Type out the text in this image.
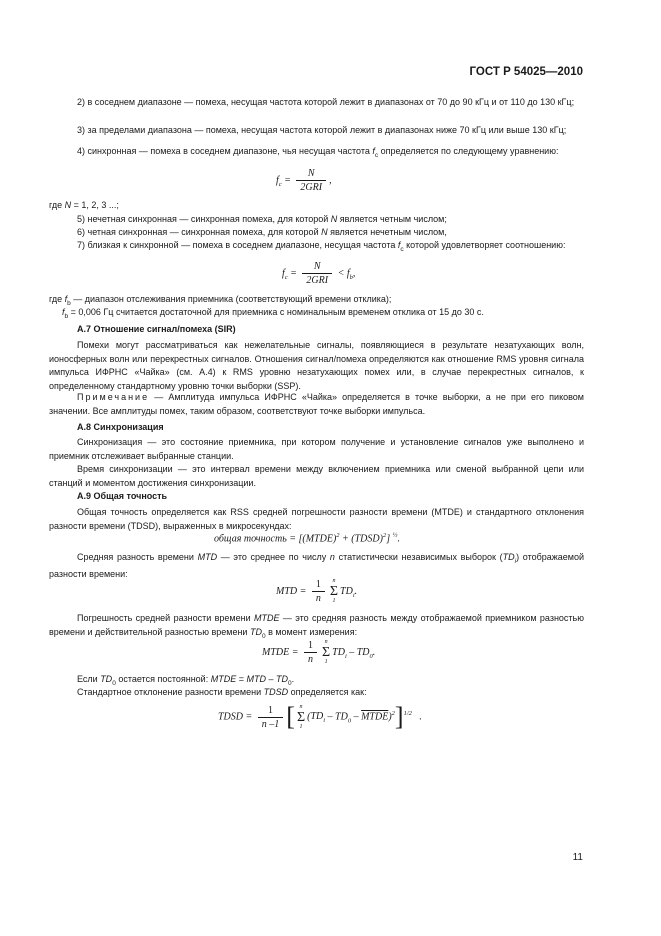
ГОСТ Р 54025—2010
2) в соседнем диапазоне — помеха, несущая частота которой лежит в диапазонах от 70 до 90 кГц и от 110 до 130 кГц;
3) за пределами диапазона — помеха, несущая частота которой лежит в диапазонах ниже 70 кГц или выше 130 кГц;
4) синхронная — помеха в соседнем диапазоне, чья несущая частота $f_c$ определяется по следующему уравнению:
$f_c = \frac{N}{\text{2GRI}}$ ,
где N = 1, 2, 3 ...;
5) нечетная синхронная — синхронная помеха, для которой N является четным числом;
6) четная синхронная — синхронная помеха, для которой N является нечетным числом,
7) близкая к синхронной — помеха в соседнем диапазоне, несущая частота $f_c$ которой удовлетворяет соотношению:
$f_c = \frac{N}{\text{2GRI}} < f_b$,
где $f_b$ — диапазон отслеживания приемника (соответствующий времени отклика);
$f_b = 0,006$ Гц считается достаточной для приемника с номинальным временем отклика от 15 до 30 с.
А.7 Отношение сигнал/помеха (SIR)
Помехи могут рассматриваться как нежелательные сигналы, появляющиеся в результате незатухающих волн, ионосферных волн или перекрестных сигналов. Отношения сигнал/помеха определяются как отношение RMS уровня сигнала импульса ИФРНС «Чайка» (см. А.4) к RMS уровню незатухающих помех или, в случае перекрестных сигналов, к определенному стандартному уровню точки выборки (SSP).
Примечание — Амплитуда импульса ИФРНС «Чайка» определяется в точке выборки, а не при его пиковом значении. Все амплитуды помех, таким образом, соответствуют точке выборки импульса.
А.8 Синхронизация
Синхронизация — это состояние приемника, при котором получение и установление сигналов уже выполнено и приемник отслеживает выбранные станции.
Время синхронизации — это интервал времени между включением приемника или сменой выбранной цепи или станций и моментом достижения синхронизации.
А.9 Общая точность
Общая точность определяется как RSS средней погрешности разности времени (MTDE) и стандартного отклонения разности времени (TDSD), выраженных в микросекундах:
общая точность = [(MTDE)$^2$ + (TDSD)$^2$] $^{\frac{1}{2}}$.
Средняя разность времени MTD — это среднее по числу n статистически независимых выборок $(TD_i)$ отображаемой разности времени:
MTD = $\frac{1}{n}$	n
Σ
1
$TD_i$.
Погрешность средней разности времени MTDE — это средняя разность между отображаемой приемником разностью времени и действительной разностью времени $TD_0$ в момент измерения:
MTDE = $\frac{1}{n}$	n
Σ
1
$TD_i - TD_0$.
Если $TD_0$ остается постоянной: MTDE = MTD – $TD_0$.
Стандартное отклонение разности времени TDSD определяется как:
TDSD = $\frac{1}{n -1}$ [ n
Σ
1
($TD_i - TD_0$ – MTDE)$^2$]$^{1/2}$   .
11
